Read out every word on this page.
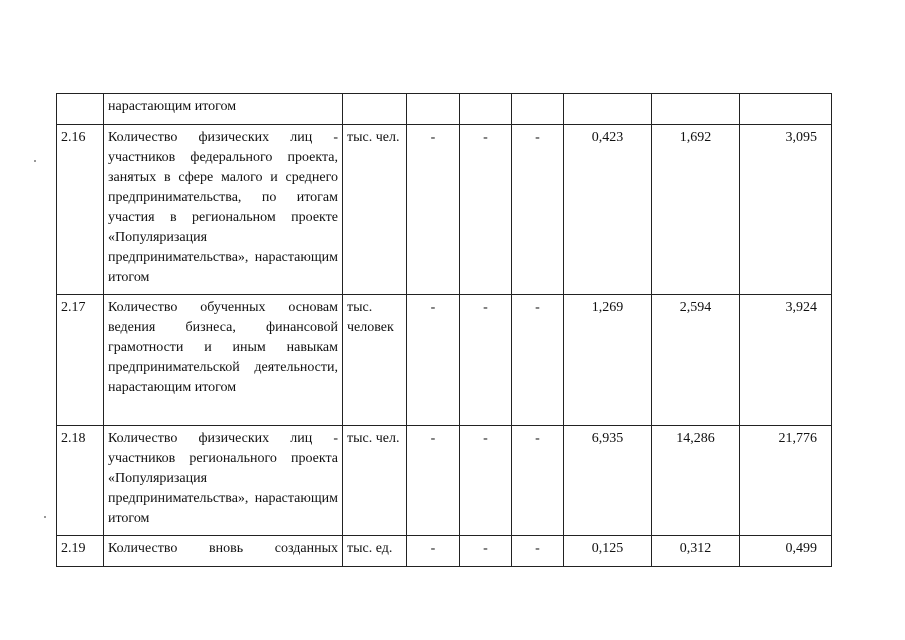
	нарастающим итогом							
2.16	Количество физических лиц - участников федерального проекта, занятых в сфере малого и среднего предпринимательства, по итогам участия в региональном проекте «Популяризация предпринимательства», нарастающим итогом	тыс. чел.	-	-	-	0,423	1,692	3,095
2.17	Количество обученных основам ведения бизнеса, финансовой грамотности и иным навыкам предпринимательской деятельности, нарастающим итогом	тыс. человек	-	-	-	1,269	2,594	3,924
2.18	Количество физических лиц - участников регионального проекта «Популяризация предпринимательства», нарастающим итогом	тыс. чел.	-	-	-	6,935	14,286	21,776
2.19	Количество вновь созданных	тыс. ед.	-	-	-	0,125	0,312	0,499
